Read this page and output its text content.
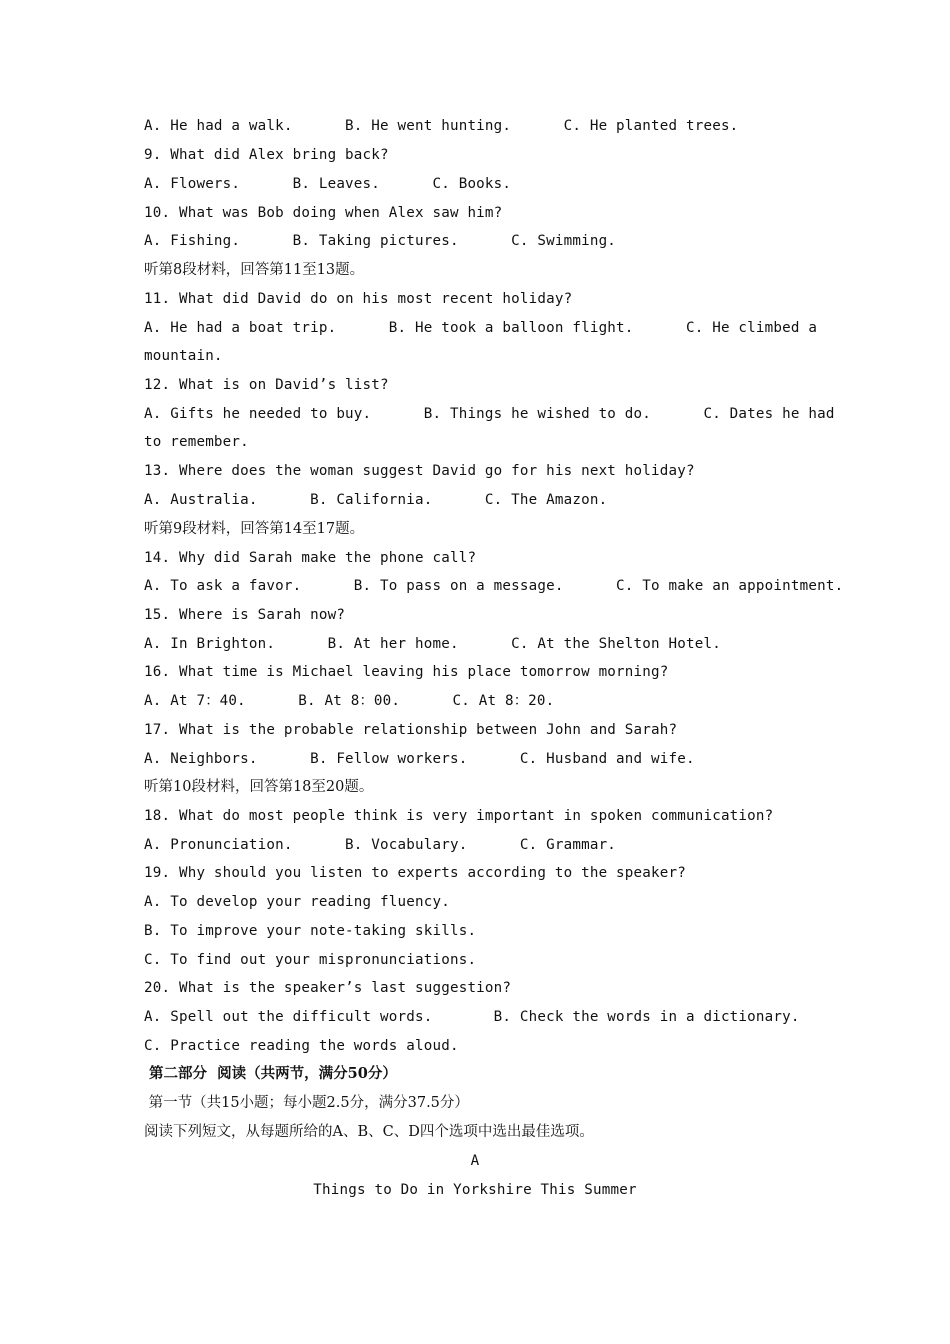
A. He had a walk.      B. He went hunting.      C. He planted trees.
9. What did Alex bring back?
A. Flowers.      B. Leaves.      C. Books.
10. What was Bob doing when Alex saw him?
A. Fishing.      B. Taking pictures.      C. Swimming.
听第8段材料，回答第11至13题。
11. What did David do on his most recent holiday?
A. He had a boat trip.      B. He took a balloon flight.      C. He climbed a
mountain.
12. What is on David’s list?
A. Gifts he needed to buy.      B. Things he wished to do.      C. Dates he had
to remember.
13. Where does the woman suggest David go for his next holiday?
A. Australia.      B. California.      C. The Amazon.
听第9段材料，回答第14至17题。
14. Why did Sarah make the phone call?
A. To ask a favor.      B. To pass on a message.      C. To make an appointment.
15. Where is Sarah now?
A. In Brighton.      B. At her home.      C. At the Shelton Hotel.
16. What time is Michael leaving his place tomorrow morning?
A. At 7：40.      B. At 8：00.      C. At 8：20.
17. What is the probable relationship between John and Sarah?
A. Neighbors.      B. Fellow workers.      C. Husband and wife.
听第10段材料，回答第18至20题。
18. What do most people think is very important in spoken communication?
A. Pronunciation.      B. Vocabulary.      C. Grammar.
19. Why should you listen to experts according to the speaker?
A. To develop your reading fluency.
B. To improve your note-taking skills.
C. To find out your mispronunciations.
20. What is the speaker’s last suggestion?
A. Spell out the difficult words.       B. Check the words in a dictionary.
C. Practice reading the words aloud.
第二部分  阅读（共两节，满分50分）
第一节（共15小题；每小题2.5分，满分37.5分）
阅读下列短文，从每题所给的A、B、C、D四个选项中选出最佳选项。
A
Things to Do in Yorkshire This Summer
